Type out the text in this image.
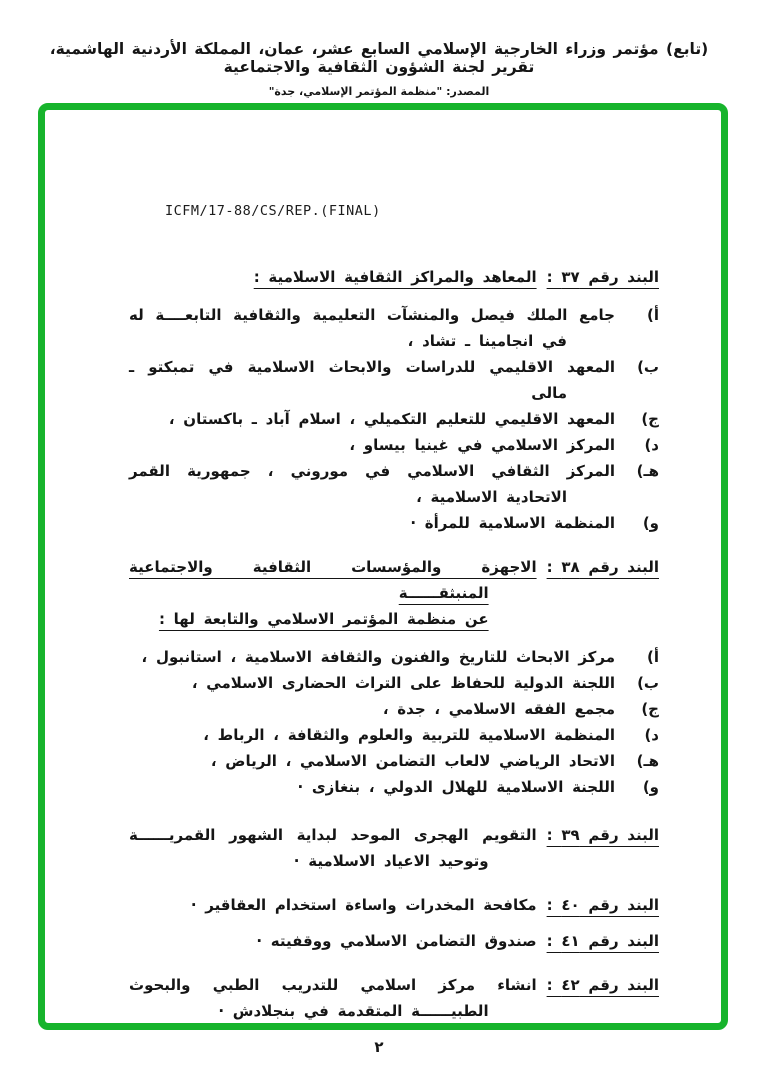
(تابع) مؤتمر وزراء الخارجية الإسلامي السابع عشر، عمان، المملكة الأردنية الهاشمية، تقرير لجنة الشؤون الثقافية والاجتماعية
المصدر: "منظمة المؤتمر الإسلامي، جدة"
ICFM/17-88/CS/REP.(FINAL)
البند رقم ٣٧ :
المعاهد والمراكز الثقافية الاسلامية :
أ)
جامع الملك فيصل والمنشآت التعليمية والثقافية التابعــــة له في انجامينا ـ تشاد ،
ب)
المعهد الاقليمي للدراسات والابحاث الاسلامية في تمبكتو ـ مالى
ج)
المعهد الاقليمي للتعليم التكميلي ، اسلام آباد ـ باكستان ،
د)
المركز الاسلامي في غينيا بيساو ،
هـ)
المركز الثقافي الاسلامي في موروني ، جمهورية القمر الاتحادية الاسلامية ،
و)
المنظمة الاسلامية للمرأة ·
البند رقم ٣٨ :
الاجهزة والمؤسسات الثقافية والاجتماعية المنبثقــــــة
عن منظمة المؤتمر الاسلامي والتابعة لها :
أ)
مركز الابحاث للتاريخ والفنون والثقافة الاسلامية ، استانبول ،
ب)
اللجنة الدولية للحفاظ على التراث الحضارى الاسلامي ،
ج)
مجمع الفقه الاسلامي ، جدة ،
د)
المنظمة الاسلامية للتربية والعلوم والثقافة ، الرباط ،
هـ)
الاتحاد الرياضي لالعاب التضامن الاسلامي ، الرياض ،
و)
اللجنة الاسلامية للهلال الدولي ، بنغازى ·
البند رقم ٣٩ :
التقويم الهجرى الموحد لبداية الشهور القمريــــــة وتوحيد الاعياد الاسلامية ·
البند رقم ٤٠ :
مكافحة المخدرات واساءة استخدام العقاقير ·
البند رقم ٤١ :
صندوق التضامن الاسلامي ووقفيته ·
البند رقم ٤٢ :
انشاء مركز اسلامي للتدريب الطبي والبحوث الطبيــــــة المتقدمة في بنجلادش ·
٢
